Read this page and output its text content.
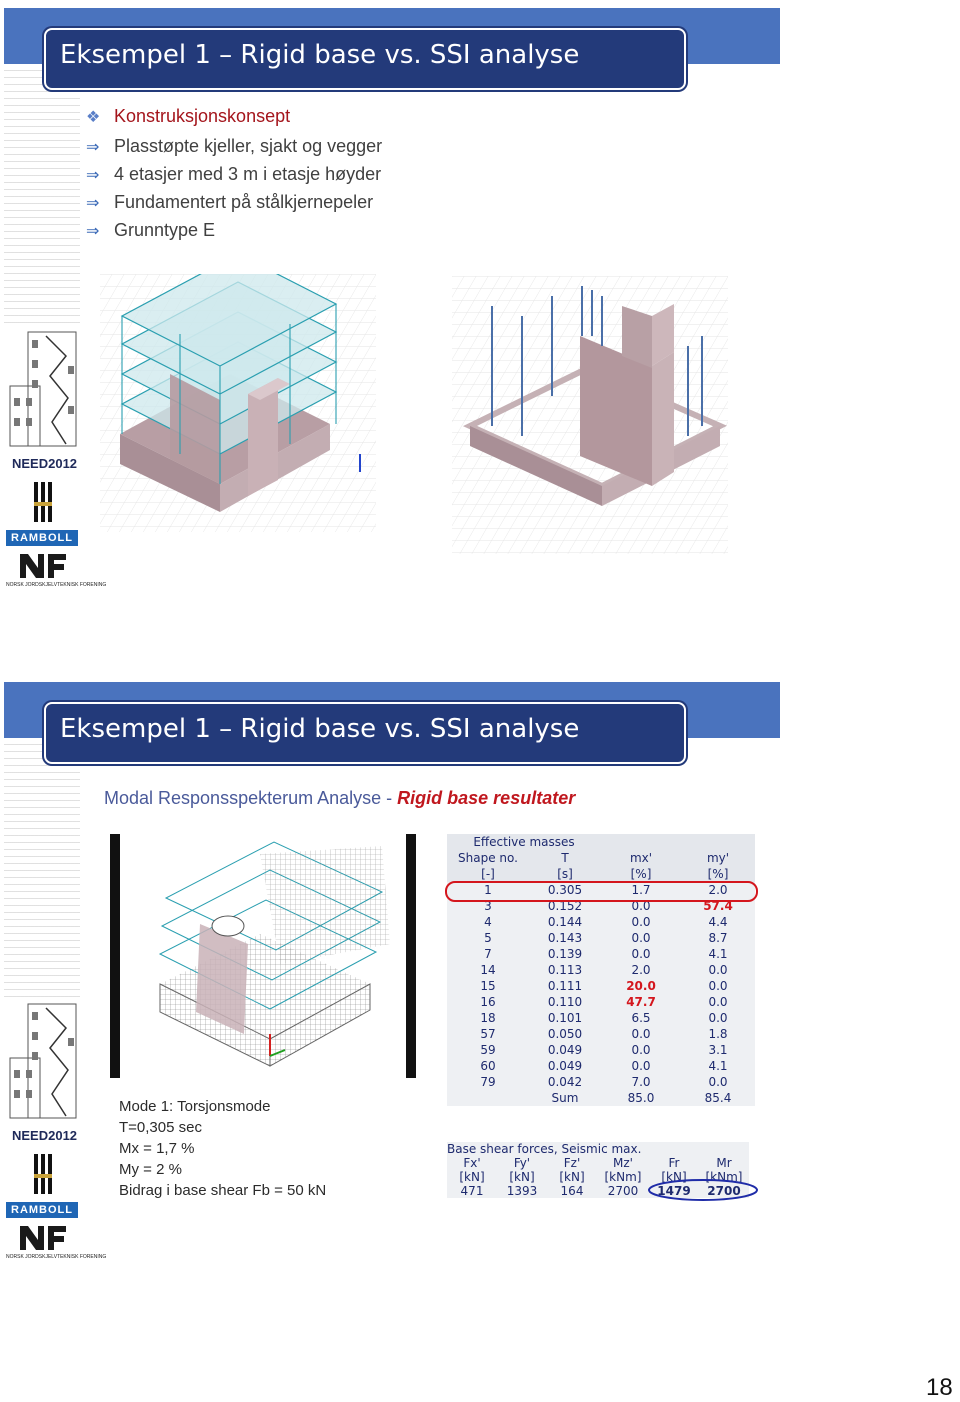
Eksempel 1 – Rigid base vs. SSI analyse
❖ Konstruksjonskonsept
⇒ Plasstøpte kjeller, sjakt og vegger
⇒ 4 etasjer med 3 m i etasje høyder
⇒ Fundamentert på stålkjernepeler
⇒ Grunntype E
NEED2012
RAMBOLL
NORSK JORDSKJELVTEKNISK FORENING
Eksempel 1 – Rigid base vs. SSI analyse
Modal Responsspekterum Analyse - Rigid base resultater
Mode 1: Torsjonsmode
T=0,305 sec
Mx = 1,7 %
My = 2 %
Bidrag i base shear Fb = 50 kN
Effective masses			
Shape no.	T	mx'	my'
[-]	[s]	[%]	[%]
1	0.305	1.7	2.0
3	0.152	0.0	57.4
4	0.144	0.0	4.4
5	0.143	0.0	8.7
7	0.139	0.0	4.1
14	0.113	2.0	0.0
15	0.111	20.0	0.0
16	0.110	47.7	0.0
18	0.101	6.5	0.0
57	0.050	0.0	1.8
59	0.049	0.0	3.1
60	0.049	0.0	4.1
79	0.042	7.0	0.0
	Sum	85.0	85.4
Base shear forces, Seismic max.					
Fx'	Fy'	Fz'	Mz'	Fr	Mr
[kN]	[kN]	[kN]	[kNm]	[kN]	[kNm]
471	1393	164	2700	1479	2700
NEED2012
RAMBOLL
NORSK JORDSKJELVTEKNISK FORENING
18
